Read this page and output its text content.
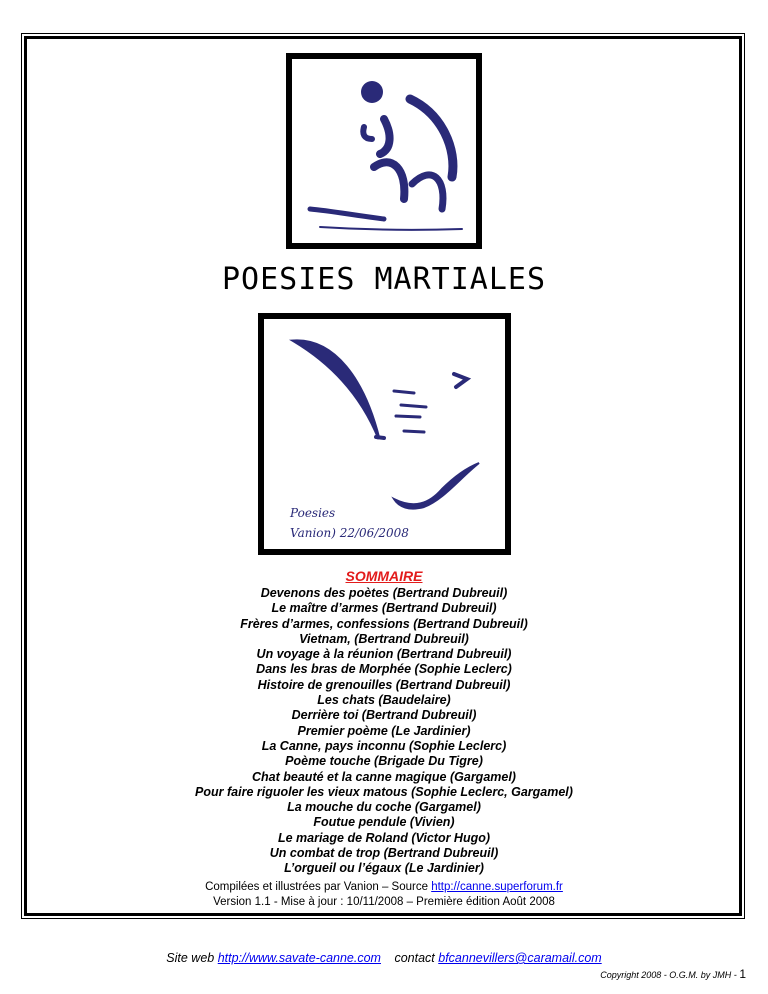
POESIES MARTIALES
Poesies
Vanion) 22/06/2008
SOMMAIRE
Devenons des poètes (Bertrand Dubreuil)
Le maître d’armes (Bertrand Dubreuil)
Frères d’armes, confessions (Bertrand Dubreuil)
Vietnam, (Bertrand Dubreuil)
Un voyage à la réunion (Bertrand Dubreuil)
Dans les bras de Morphée (Sophie Leclerc)
Histoire de grenouilles (Bertrand Dubreuil)
Les chats (Baudelaire)
Derrière toi (Bertrand Dubreuil)
Premier poème (Le Jardinier)
La Canne, pays inconnu (Sophie Leclerc)
Poème touche (Brigade Du Tigre)
Chat beauté et la canne magique (Gargamel)
Pour faire riguoler les vieux matous (Sophie Leclerc, Gargamel)
La mouche du coche (Gargamel)
Foutue pendule (Vivien)
Le mariage de Roland (Victor Hugo)
Un combat de trop (Bertrand Dubreuil)
L’orgueil ou l’égaux (Le Jardinier)
Compilées et illustrées par Vanion – Source http://canne.superforum.fr
Version 1.1 - Mise à jour : 10/11/2008 – Première édition Août 2008
Site web http://www.savate-canne.com contact bfcannevillers@caramail.com
Copyright 2008 - O.G.M. by JMH - 1
